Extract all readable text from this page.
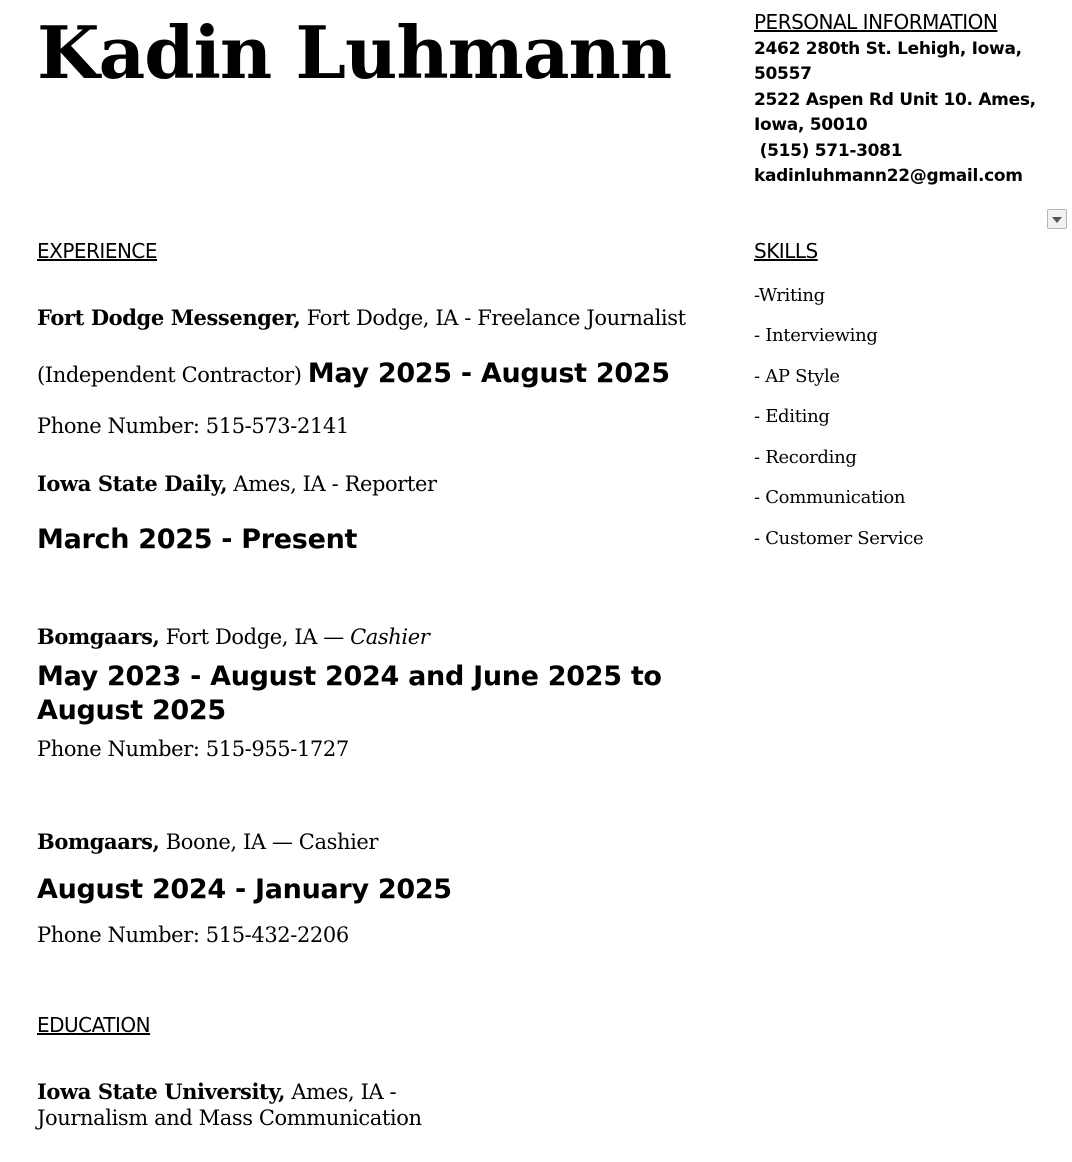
Kadin Luhmann	PERSONAL INFORMATION
2462 280th St. Lehigh, Iowa,
50557
2522 Aspen Rd Unit 10. Ames,
Iowa, 50010
(515) 571-3081
kadinluhmann22@gmail.com
EXPERIENCE
Fort Dodge Messenger, Fort Dodge, IA - Freelance Journalist
(Independent Contractor) May 2025 - August 2025
Phone Number: 515-573-2141
Iowa State Daily, Ames, IA - Reporter
March 2025 - Present
Bomgaars, Fort Dodge, IA — Cashier
May 2023 - August 2024 and June 2025 to
August 2025
Phone Number: 515-955-1727
Bomgaars, Boone, IA — Cashier
August 2024 - January 2025
Phone Number: 515-432-2206
EDUCATION
Iowa State University, Ames, IA -
Journalism and Mass Communication
SKILLS
-Writing
- Interviewing
- AP Style
- Editing
- Recording
- Communication
- Customer Service
